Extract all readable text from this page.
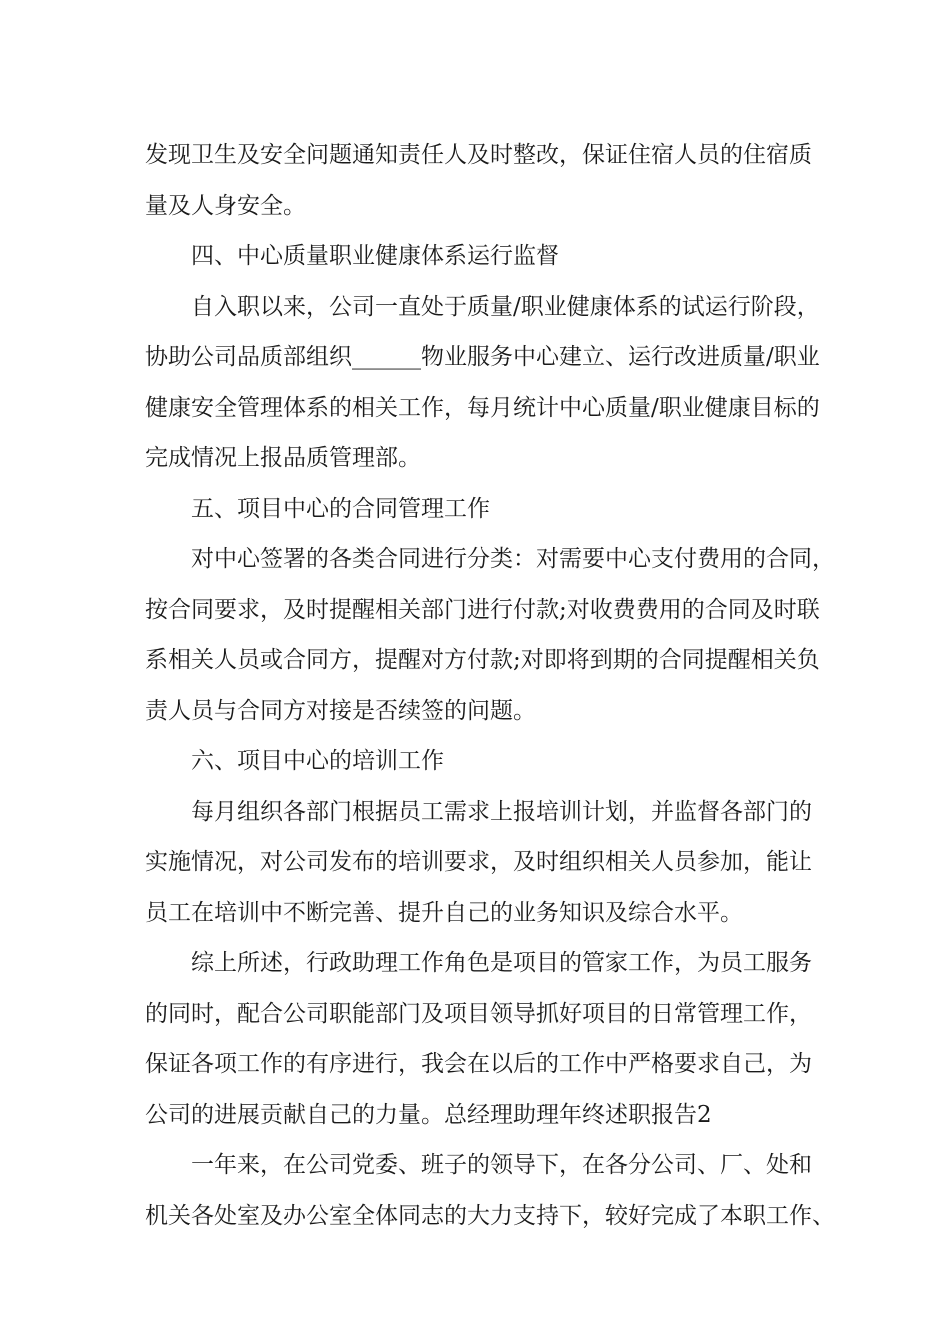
发现卫生及安全问题通知责任人及时整改，保证住宿人员的住宿质
量及人身安全。
四、中心质量职业健康体系运行监督
自入职以来，公司一直处于质量/职业健康体系的试运行阶段，
协助公司品质部组织______物业服务中心建立、运行改进质量/职业
健康安全管理体系的相关工作，每月统计中心质量/职业健康目标的
完成情况上报品质管理部。
五、项目中心的合同管理工作
对中心签署的各类合同进行分类：对需要中心支付费用的合同，
按合同要求，及时提醒相关部门进行付款;对收费费用的合同及时联
系相关人员或合同方，提醒对方付款;对即将到期的合同提醒相关负
责人员与合同方对接是否续签的问题。
六、项目中心的培训工作
每月组织各部门根据员工需求上报培训计划，并监督各部门的
实施情况，对公司发布的培训要求，及时组织相关人员参加，能让
员工在培训中不断完善、提升自己的业务知识及综合水平。
综上所述，行政助理工作角色是项目的管家工作，为员工服务
的同时，配合公司职能部门及项目领导抓好项目的日常管理工作，
保证各项工作的有序进行，我会在以后的工作中严格要求自己，为
公司的进展贡献自己的力量。总经理助理年终述职报告2
一年来，在公司党委、班子的领导下，在各分公司、厂、处和
机关各处室及办公室全体同志的大力支持下，较好完成了本职工作、
